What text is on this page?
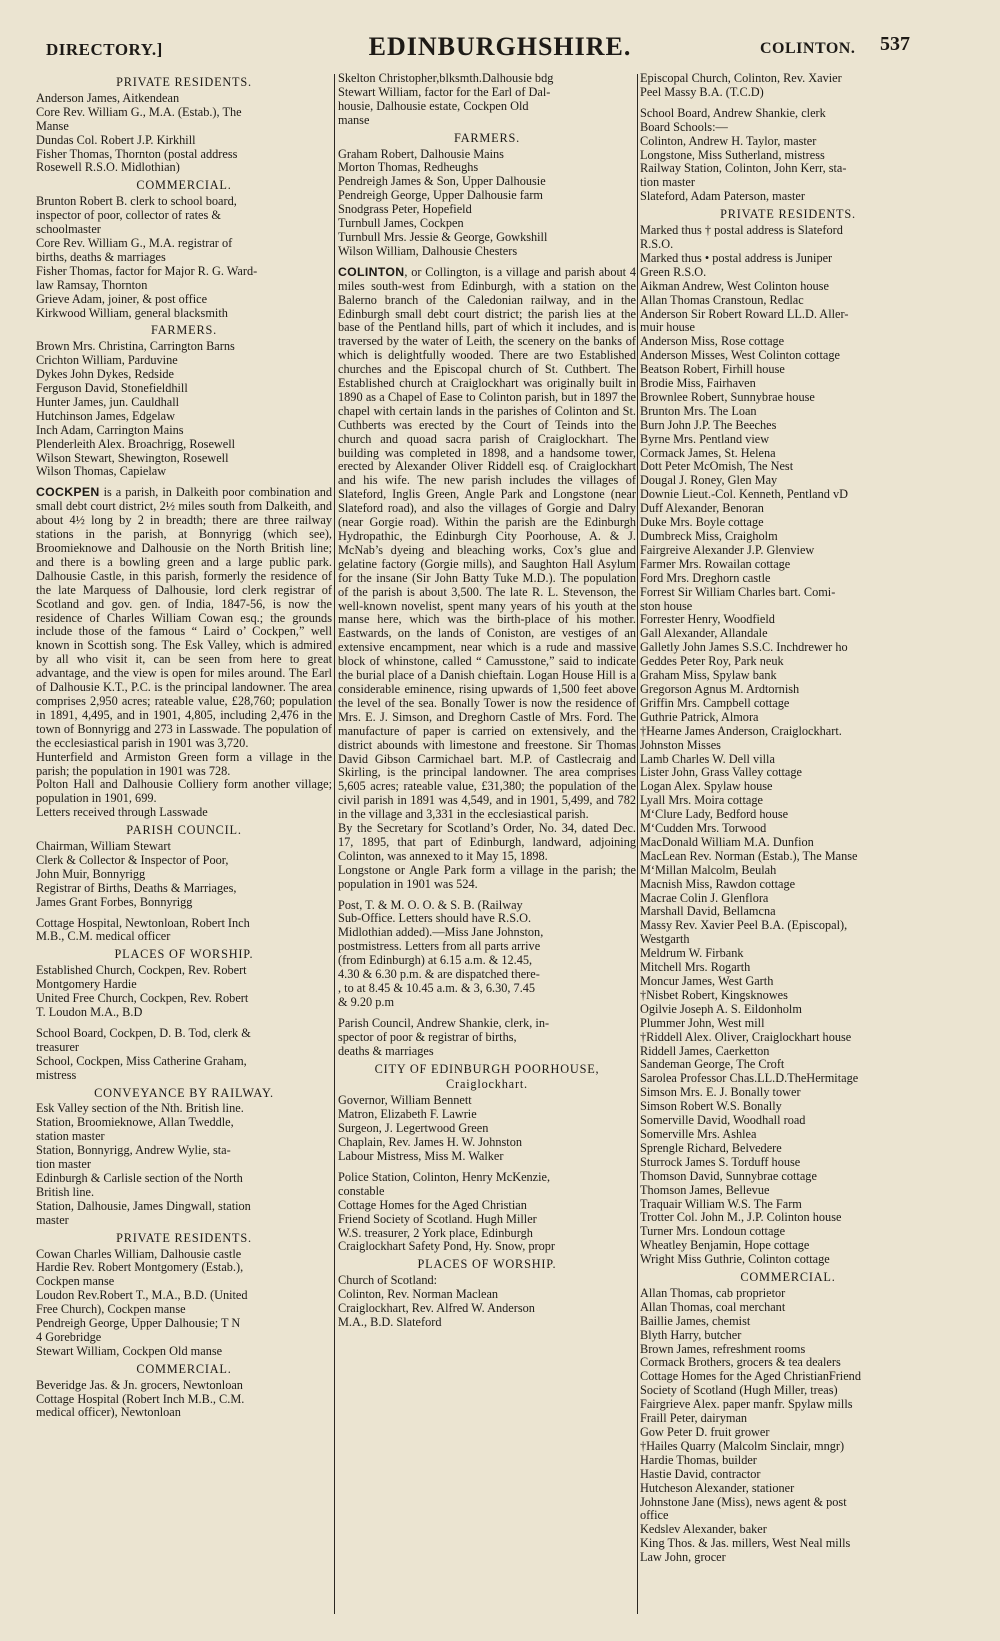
DIRECTORY.]	EDINBURGHSHIRE.	COLINTON. 537
PRIVATE RESIDENTS.
Anderson James, Aitkendean
Core Rev. William G., M.A. (Estab.), The
Manse
Dundas Col. Robert J.P. Kirkhill
Fisher Thomas, Thornton (postal address
Rosewell R.S.O. Midlothian)
COMMERCIAL.
Brunton Robert B. clerk to school board,
inspector of poor, collector of rates &
schoolmaster
Core Rev. William G., M.A. registrar of
births, deaths & marriages
Fisher Thomas, factor for Major R. G. Ward-
law Ramsay, Thornton
Grieve Adam, joiner, & post office
Kirkwood William, general blacksmith
FARMERS.
Brown Mrs. Christina, Carrington Barns
Crichton William, Parduvine
Dykes John Dykes, Redside
Ferguson David, Stonefieldhill
Hunter James, jun. Cauldhall
Hutchinson James, Edgelaw
Inch Adam, Carrington Mains
Plenderleith Alex. Broachrigg, Rosewell
Wilson Stewart, Shewington, Rosewell
Wilson Thomas, Capielaw
COCKPEN is a parish, in Dalkeith poor combination and small debt court district, 2½ miles south from Dalkeith, and about 4½ long by 2 in breadth; there are three railway stations in the parish, at Bonnyrigg (which see), Broomieknowe and Dalhousie on the North British line; and there is a bowling green and a large public park. Dalhousie Castle, in this parish, formerly the residence of the late Marquess of Dalhousie, lord clerk registrar of Scotland and gov. gen. of India, 1847-56, is now the residence of Charles William Cowan esq.; the grounds include those of the famous “ Laird o’ Cockpen,” well known in Scottish song. The Esk Valley, which is admired by all who visit it, can be seen from here to great advantage, and the view is open for miles around. The Earl of Dalhousie K.T., P.C. is the principal landowner. The area comprises 2,950 acres; rateable value, £28,760; population in 1891, 4,495, and in 1901, 4,805, including 2,476 in the town of Bonnyrigg and 273 in Lasswade. The population of the ecclesiastical parish in 1901 was 3,720.
Hunterfield and Armiston Green form a village in the parish; the population in 1901 was 728.
Polton Hall and Dalhousie Colliery form another village; population in 1901, 699.
Letters received through Lasswade
PARISH COUNCIL.
Chairman, William Stewart
Clerk & Collector & Inspector of Poor,
John Muir, Bonnyrigg
Registrar of Births, Deaths & Marriages,
James Grant Forbes, Bonnyrigg
Cottage Hospital, Newtonloan, Robert Inch
M.B., C.M. medical officer
PLACES OF WORSHIP.
Established Church, Cockpen, Rev. Robert
Montgomery Hardie
United Free Church, Cockpen, Rev. Robert
T. Loudon M.A., B.D
School Board, Cockpen, D. B. Tod, clerk &
treasurer
School, Cockpen, Miss Catherine Graham,
mistress
CONVEYANCE BY RAILWAY.
Esk Valley section of the Nth. British line.
Station, Broomieknowe, Allan Tweddle,
station master
Station, Bonnyrigg, Andrew Wylie, sta-
tion master
Edinburgh & Carlisle section of the North
British line.
Station, Dalhousie, James Dingwall, station
master
PRIVATE RESIDENTS.
Cowan Charles William, Dalhousie castle
Hardie Rev. Robert Montgomery (Estab.),
Cockpen manse
Loudon Rev.Robert T., M.A., B.D. (United
Free Church), Cockpen manse
Pendreigh George, Upper Dalhousie; T N
4 Gorebridge
Stewart William, Cockpen Old manse
COMMERCIAL.
Beveridge Jas. & Jn. grocers, Newtonloan
Cottage Hospital (Robert Inch M.B., C.M.
medical officer), Newtonloan
Skelton Christopher,blksmth.Dalhousie bdg
Stewart William, factor for the Earl of Dal-
housie, Dalhousie estate, Cockpen Old
manse
FARMERS.
Graham Robert, Dalhousie Mains
Morton Thomas, Redheughs
Pendreigh James & Son, Upper Dalhousie
Pendreigh George, Upper Dalhousie farm
Snodgrass Peter, Hopefield
Turnbull James, Cockpen
Turnbull Mrs. Jessie & George, Gowkshill
Wilson William, Dalhousie Chesters
COLINTON, or Collington, is a village and parish about 4 miles south-west from Edinburgh, with a station on the Balerno branch of the Caledonian railway, and in the Edinburgh small debt court district; the parish lies at the base of the Pentland hills, part of which it includes, and is traversed by the water of Leith, the scenery on the banks of which is delightfully wooded. There are two Established churches and the Episcopal church of St. Cuthbert. The Established church at Craiglockhart was originally built in 1890 as a Chapel of Ease to Colinton parish, but in 1897 the chapel with certain lands in the parishes of Colinton and St. Cuthberts was erected by the Court of Teinds into the church and quoad sacra parish of Craiglockhart. The building was completed in 1898, and a handsome tower, erected by Alexander Oliver Riddell esq. of Craiglockhart and his wife. The new parish includes the villages of Slateford, Inglis Green, Angle Park and Longstone (near Slateford road), and also the villages of Gorgie and Dalry (near Gorgie road). Within the parish are the Edinburgh Hydropathic, the Edinburgh City Poorhouse, A. & J. McNab’s dyeing and bleaching works, Cox’s glue and gelatine factory (Gorgie mills), and Saughton Hall Asylum for the insane (Sir John Batty Tuke M.D.). The population of the parish is about 3,500. The late R. L. Stevenson, the well-known novelist, spent many years of his youth at the manse here, which was the birth-place of his mother. Eastwards, on the lands of Coniston, are vestiges of an extensive encampment, near which is a rude and massive block of whinstone, called “ Camusstone,” said to indicate the burial place of a Danish chieftain. Logan House Hill is a considerable eminence, rising upwards of 1,500 feet above the level of the sea. Bonally Tower is now the residence of Mrs. E. J. Simson, and Dreghorn Castle of Mrs. Ford. The manufacture of paper is carried on extensively, and the district abounds with limestone and freestone. Sir Thomas David Gibson Carmichael bart. M.P. of Castlecraig and Skirling, is the principal landowner. The area comprises 5,605 acres; rateable value, £31,380; the population of the civil parish in 1891 was 4,549, and in 1901, 5,499, and 782 in the village and 3,331 in the ecclesiastical parish.
By the Secretary for Scotland’s Order, No. 34, dated Dec. 17, 1895, that part of Edinburgh, landward, adjoining Colinton, was annexed to it May 15, 1898.
Longstone or Angle Park form a village in the parish; the population in 1901 was 524.
Post, T. & M. O. O. & S. B. (Railway
Sub-Office. Letters should have R.S.O.
Midlothian added).—Miss Jane Johnston,
postmistress. Letters from all parts arrive
(from Edinburgh) at 6.15 a.m. & 12.45,
4.30 & 6.30 p.m. & are dispatched there-
, to at 8.45 & 10.45 a.m. & 3, 6.30, 7.45
& 9.20 p.m
Parish Council, Andrew Shankie, clerk, in-
spector of poor & registrar of births,
deaths & marriages
CITY OF EDINBURGH POORHOUSE,
Craiglockhart.
Governor, William Bennett
Matron, Elizabeth F. Lawrie
Surgeon, J. Legertwood Green
Chaplain, Rev. James H. W. Johnston
Labour Mistress, Miss M. Walker
Police Station, Colinton, Henry McKenzie,
constable
Cottage Homes for the Aged Christian
Friend Society of Scotland. Hugh Miller
W.S. treasurer, 2 York place, Edinburgh
Craiglockhart Safety Pond, Hy. Snow, propr
PLACES OF WORSHIP.
Church of Scotland:
Colinton, Rev. Norman Maclean
Craiglockhart, Rev. Alfred W. Anderson
M.A., B.D. Slateford
Episcopal Church, Colinton, Rev. Xavier
Peel Massy B.A. (T.C.D)
School Board, Andrew Shankie, clerk
Board Schools:—
Colinton, Andrew H. Taylor, master
Longstone, Miss Sutherland, mistress
Railway Station, Colinton, John Kerr, sta-
tion master
Slateford, Adam Paterson, master
PRIVATE RESIDENTS.
Marked thus † postal address is Slateford
R.S.O.
Marked thus • postal address is Juniper
Green R.S.O.
Aikman Andrew, West Colinton house
Allan Thomas Cranstoun, Redlac
Anderson Sir Robert Roward LL.D. Aller-
muir house
Anderson Miss, Rose cottage
Anderson Misses, West Colinton cottage
Beatson Robert, Firhill house
Brodie Miss, Fairhaven
Brownlee Robert, Sunnybrae house
Brunton Mrs. The Loan
Burn John J.P. The Beeches
Byrne Mrs. Pentland view
Cormack James, St. Helena
Dott Peter McOmish, The Nest
Dougal J. Roney, Glen May
Downie Lieut.-Col. Kenneth, Pentland vD
Duff Alexander, Benoran
Duke Mrs. Boyle cottage
Dumbreck Miss, Craigholm
Fairgreive Alexander J.P. Glenview
Farmer Mrs. Rowailan cottage
Ford Mrs. Dreghorn castle
Forrest Sir William Charles bart. Comi-
ston house
Forrester Henry, Woodfield
Gall Alexander, Allandale
Galletly John James S.S.C. Inchdrewer ho
Geddes Peter Roy, Park neuk
Graham Miss, Spylaw bank
Gregorson Agnus M. Ardtornish
Griffin Mrs. Campbell cottage
Guthrie Patrick, Almora
†Hearne James Anderson, Craiglockhart.
Johnston Misses
Lamb Charles W. Dell villa
Lister John, Grass Valley cottage
Logan Alex. Spylaw house
Lyall Mrs. Moira cottage
M‘Clure Lady, Bedford house
M‘Cudden Mrs. Torwood
MacDonald William M.A. Dunfion
MacLean Rev. Norman (Estab.), The Manse
M‘Millan Malcolm, Beulah
Macnish Miss, Rawdon cottage
Macrae Colin J. Glenflora
Marshall David, Bellamcna
Massy Rev. Xavier Peel B.A. (Episcopal),
Westgarth
Meldrum W. Firbank
Mitchell Mrs. Rogarth
Moncur James, West Garth
†Nisbet Robert, Kingsknowes
Ogilvie Joseph A. S. Eildonholm
Plummer John, West mill
†Riddell Alex. Oliver, Craiglockhart house
Riddell James, Caerketton
Sandeman George, The Croft
Sarolea Professor Chas.LL.D.TheHermitage
Simson Mrs. E. J. Bonally tower
Simson Robert W.S. Bonally
Somerville David, Woodhall road
Somerville Mrs. Ashlea
Sprengle Richard, Belvedere
Sturrock James S. Torduff house
Thomson David, Sunnybrae cottage
Thomson James, Bellevue
Traquair William W.S. The Farm
Trotter Col. John M., J.P. Colinton house
Turner Mrs. Londoun cottage
Wheatley Benjamin, Hope cottage
Wright Miss Guthrie, Colinton cottage
COMMERCIAL.
Allan Thomas, cab proprietor
Allan Thomas, coal merchant
Baillie James, chemist
Blyth Harry, butcher
Brown James, refreshment rooms
Cormack Brothers, grocers & tea dealers
Cottage Homes for the Aged ChristianFriend
Society of Scotland (Hugh Miller, treas)
Fairgrieve Alex. paper manfr. Spylaw mills
Fraill Peter, dairyman
Gow Peter D. fruit grower
†Hailes Quarry (Malcolm Sinclair, mngr)
Hardie Thomas, builder
Hastie David, contractor
Hutcheson Alexander, stationer
Johnstone Jane (Miss), news agent & post
office
Kedslev Alexander, baker
King Thos. & Jas. millers, West Neal mills
Law John, grocer
